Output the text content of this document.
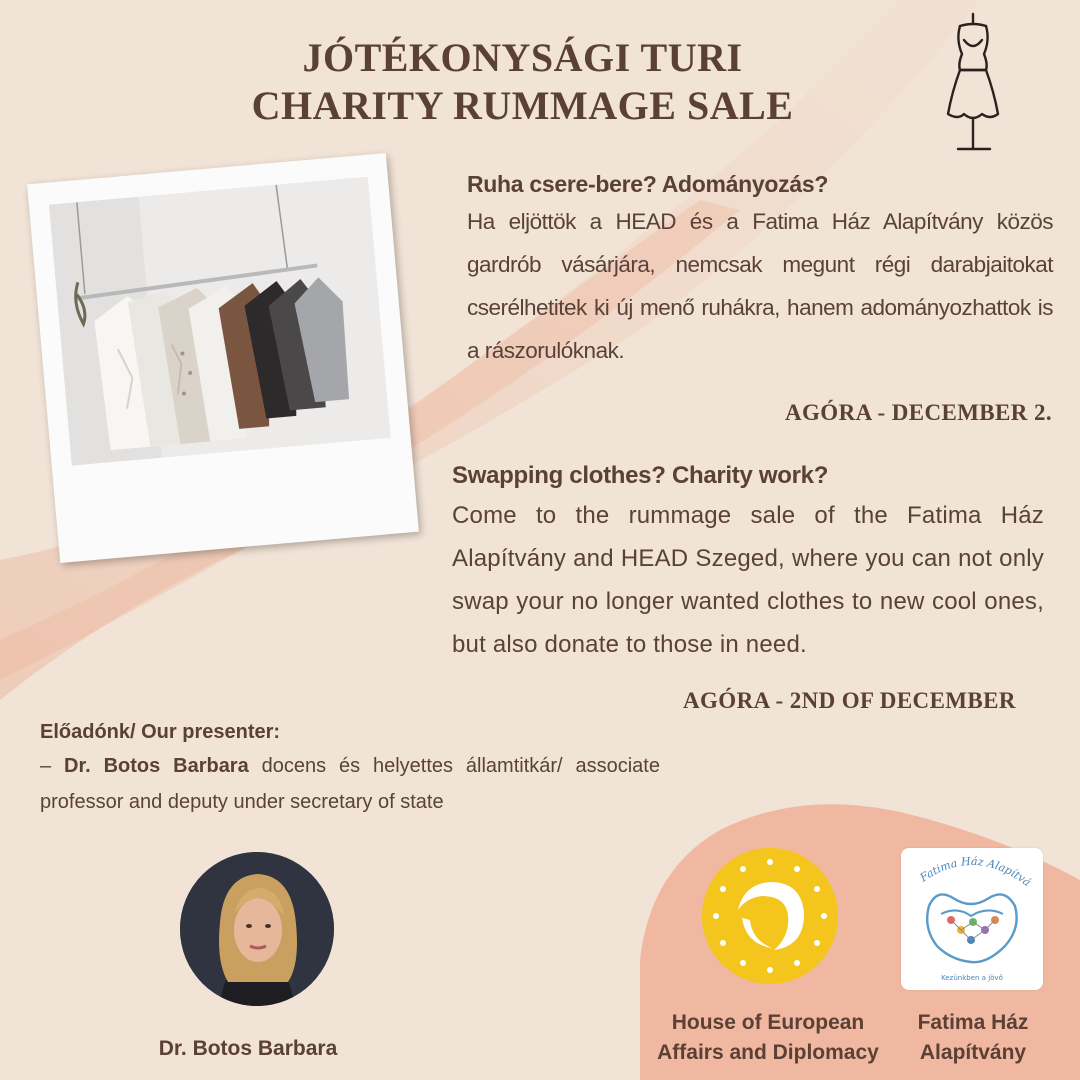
JÓTÉKONYSÁGI TURI
CHARITY RUMMAGE SALE
Ruha csere-bere? Adományozás?
Ha eljöttök a HEAD és a Fatima Ház Alapítvány közös gardrób vásárjára, nemcsak megunt régi darabjaitokat cserélhetitek ki új menő ruhákra, hanem adományozhattok is a rászorulóknak.
AGÓRA - DECEMBER 2.
Swapping clothes? Charity work?
Come to the rummage sale of the Fatima Ház Alapítvány and HEAD Szeged, where you can not only swap your no longer wanted clothes to new cool ones, but also donate to those in need.
AGÓRA - 2ND OF DECEMBER
Előadónk/ Our presenter:
– Dr. Botos Barbara docens és helyettes államtitkár/ associate professor and deputy under secretary of state
Dr. Botos Barbara
House of European
Affairs and Diplomacy
Fatima Ház Alapítvá
Kezünkben a jövő
Fatima Ház
Alapítvány
